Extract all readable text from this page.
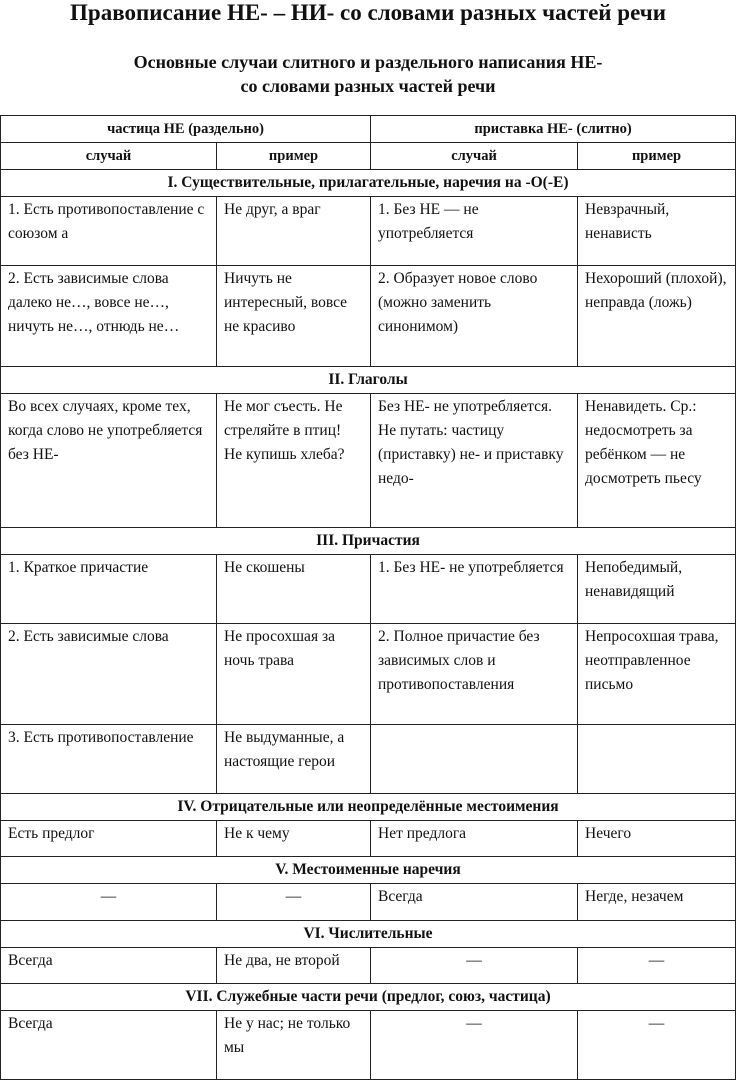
Правописание НЕ- – НИ- со словами разных частей речи
Основные случаи слитного и раздельного написания НЕ-
со словами разных частей речи
частица НЕ (раздельно)		приставка НЕ- (слитно)	
случай	пример	случай	пример
I. Существительные, прилагательные, наречия на -О(-Е)			
1. Есть противопоставление с союзом а	Не друг, а враг	1. Без НЕ — не употребляется	Невзрачный, ненависть
2. Есть зависимые слова далеко не…, вовсе не…, ничуть не…, отнюдь не…	Ничуть не интересный, вовсе не красиво	2. Образует новое слово (можно заменить синонимом)	Нехороший (плохой), неправда (ложь)
II. Глаголы			
Во всех случаях, кроме тех, когда слово не употребляется без НЕ-	Не мог съесть. Не стреляйте в птиц! Не купишь хлеба?	Без НЕ- не употребляется. Не путать: частицу (приставку) не- и приставку недо-	Ненавидеть. Ср.: недосмотреть за ребёнком — не досмотреть пьесу
III. Причастия			
1. Краткое причастие	Не скошены	1. Без НЕ- не употребляется	Непобедимый, ненавидящий
2. Есть зависимые слова	Не просохшая за ночь трава	2. Полное причастие без зависимых слов и противопоставления	Непросохшая трава, неотправленное письмо
3. Есть противопоставление	Не выдуманные, а настоящие герои		
IV. Отрицательные или неопределённые местоимения			
Есть предлог	Не к чему	Нет предлога	Нечего
V. Местоименные наречия			
—	—	Всегда	Негде, незачем
VI. Числительные			
Всегда	Не два, не второй	—	—
VII. Служебные части речи (предлог, союз, частица)			
Всегда	Не у нас; не только мы	—	—
